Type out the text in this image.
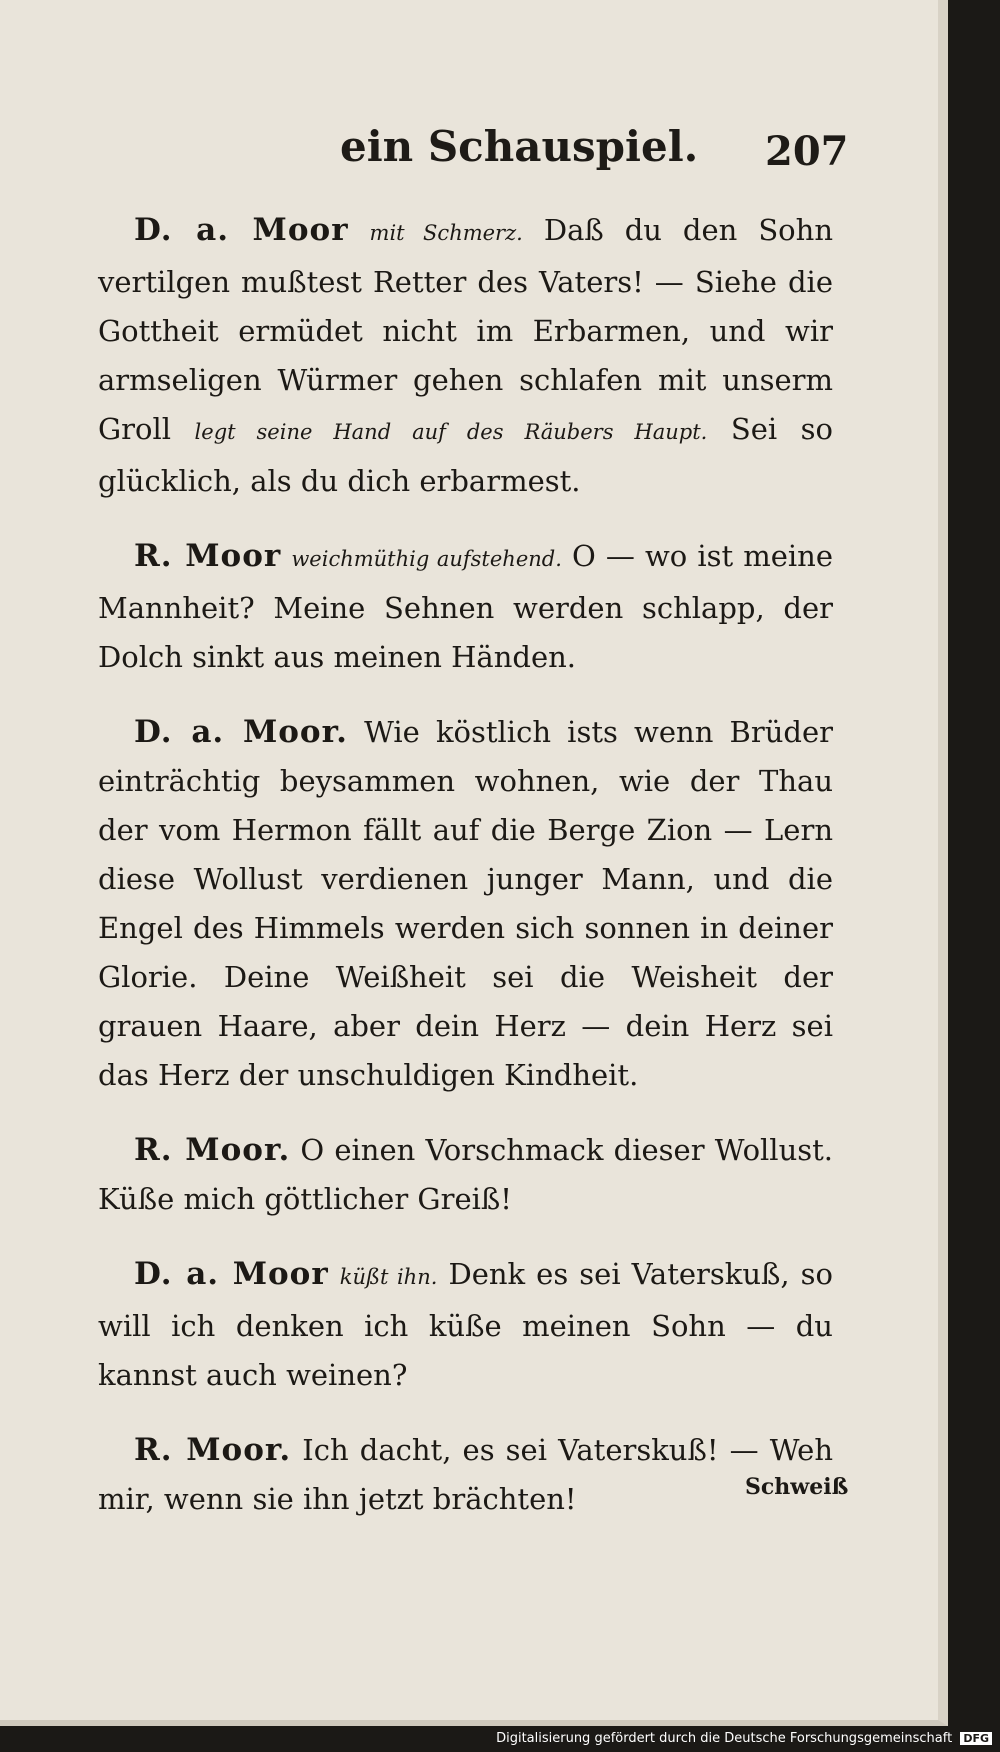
ein Schauspiel. 207

D. a. Moor mit Schmerz. Daß du den Sohn vertilgen mußtest Retter des Vaters! — Siehe die Gottheit ermüdet nicht im Erbarmen, und wir armseligen Würmer gehen schlafen mit unserm Groll legt seine Hand auf des Räubers Haupt. Sei so glücklich, als du dich erbarmest.

R. Moor weichmüthig aufstehend. O — wo ist meine Mannheit? Meine Sehnen werden schlapp, der Dolch sinkt aus meinen Händen.

D. a. Moor. Wie köstlich ists wenn Brüder einträchtig beysammen wohnen, wie der Thau der vom Hermon fällt auf die Berge Zion — Lern diese Wollust verdienen junger Mann, und die Engel des Himmels werden sich sonnen in deiner Glorie. Deine Weißheit sei die Weisheit der grauen Haare, aber dein Herz — dein Herz sei das Herz der unschuldigen Kindheit.

R. Moor. O einen Vorschmack dieser Wollust. Küße mich göttlicher Greiß!

D. a. Moor küßt ihn. Denk es sei Vaterskuß, so will ich denken ich küße meinen Sohn — du kannst auch weinen?

R. Moor. Ich dacht, es sei Vaterskuß! — Weh mir, wenn sie ihn jetzt brächten!	Schweiß
Digitalisierung gefördert durch die Deutsche Forschungsgemeinschaft DFG
